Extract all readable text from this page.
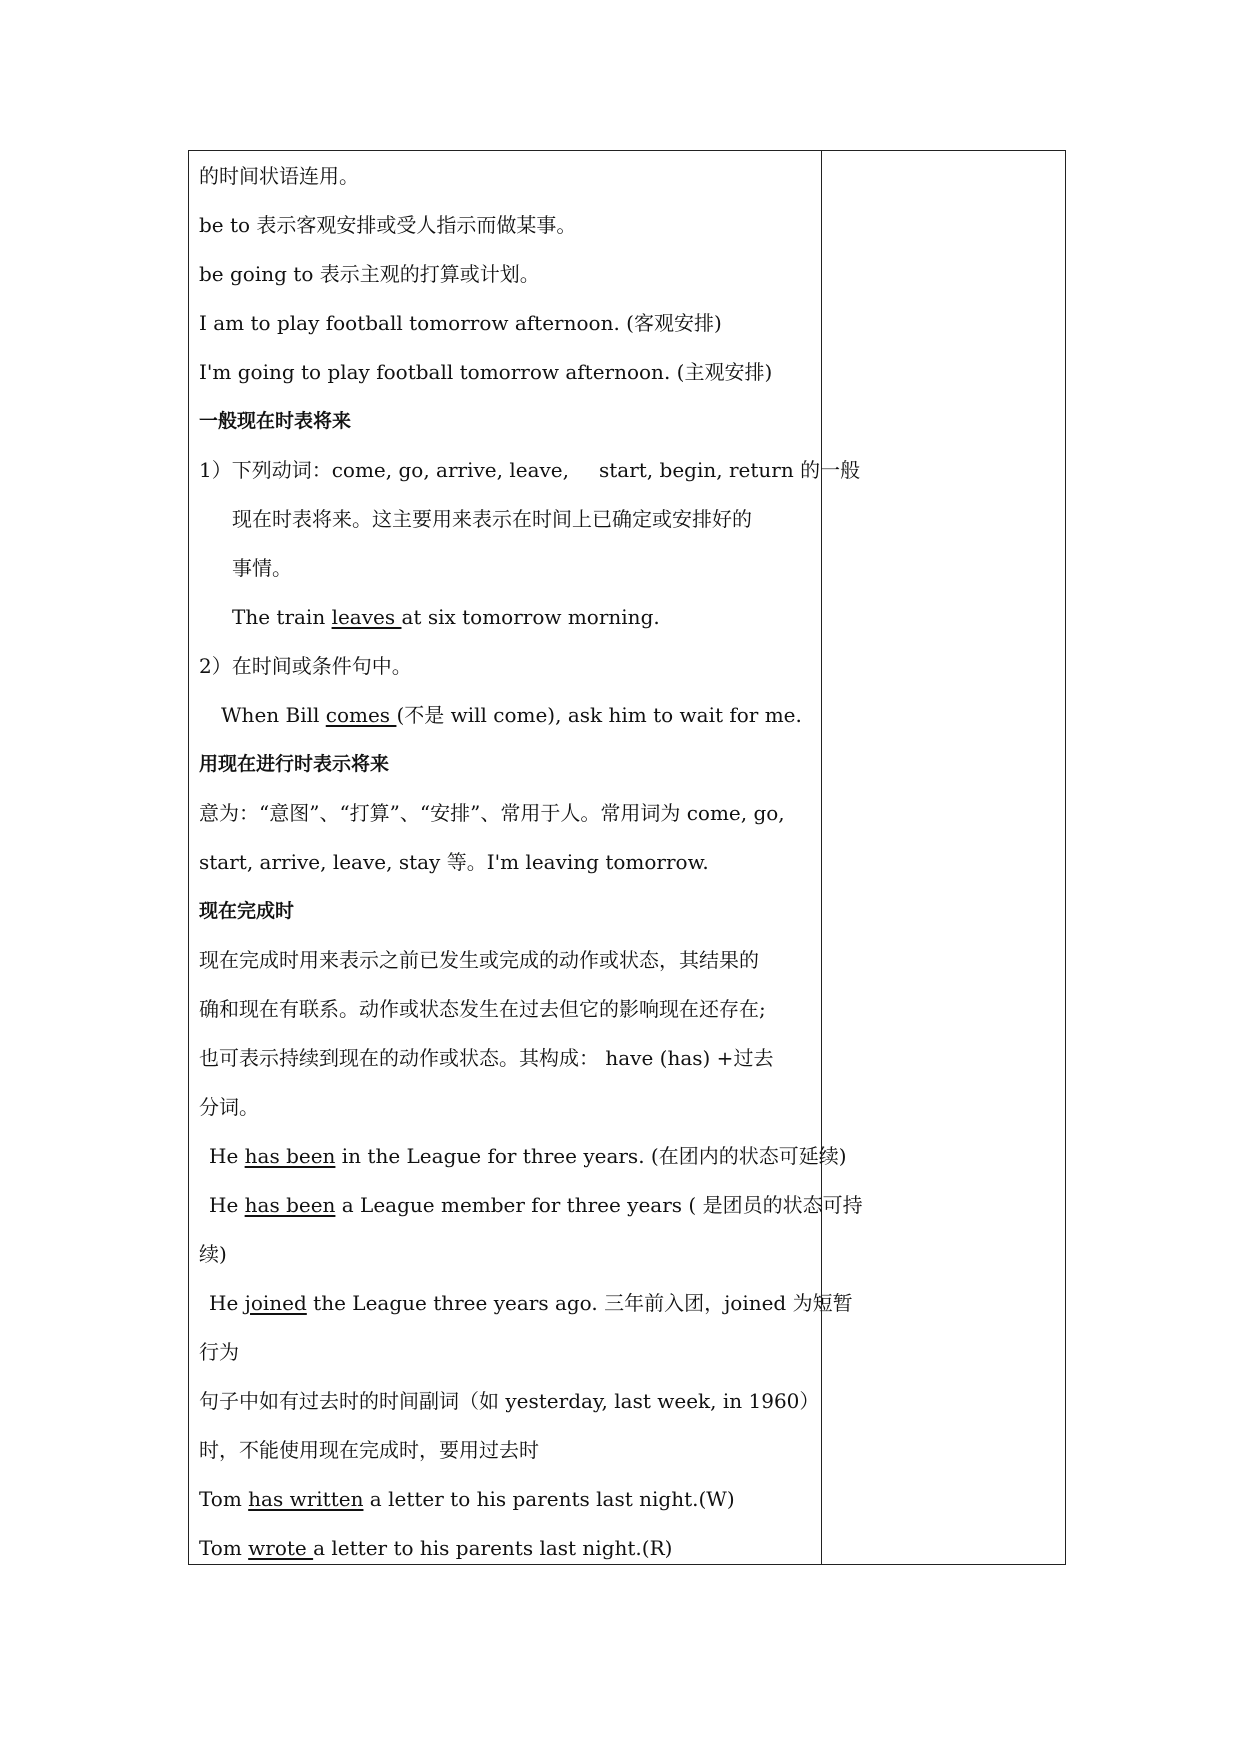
的时间状语连用。
be to 表示客观安排或受人指示而做某事。
be going to 表示主观的打算或计划。
I am to play football tomorrow afternoon. (客观安排)
I'm going to play football tomorrow afternoon. (主观安排)
一般现在时表将来
1）下列动词：come, go, arrive, leave, start, begin, return 的一般
现在时表将来。这主要用来表示在时间上已确定或安排好的
事情。
The train leaves at six tomorrow morning.
2）在时间或条件句中。
When Bill comes (不是 will come), ask him to wait for me.
用现在进行时表示将来
意为：“意图”、“打算”、“安排”、常用于人。常用词为 come, go,
start, arrive, leave, stay 等。I'm leaving tomorrow.
现在完成时
现在完成时用来表示之前已发生或完成的动作或状态，其结果的
确和现在有联系。动作或状态发生在过去但它的影响现在还存在;
也可表示持续到现在的动作或状态。其构成： have (has) +过去
分词。
He has been in the League for three years. (在团内的状态可延续)
He has been a League member for three years ( 是团员的状态可持
续)
He joined the League three years ago. 三年前入团，joined 为短暂
行为
句子中如有过去时的时间副词（如 yesterday, last week, in 1960）
时，不能使用现在完成时，要用过去时
Tom has written a letter to his parents last night.(W)
Tom wrote a letter to his parents last night.(R)
